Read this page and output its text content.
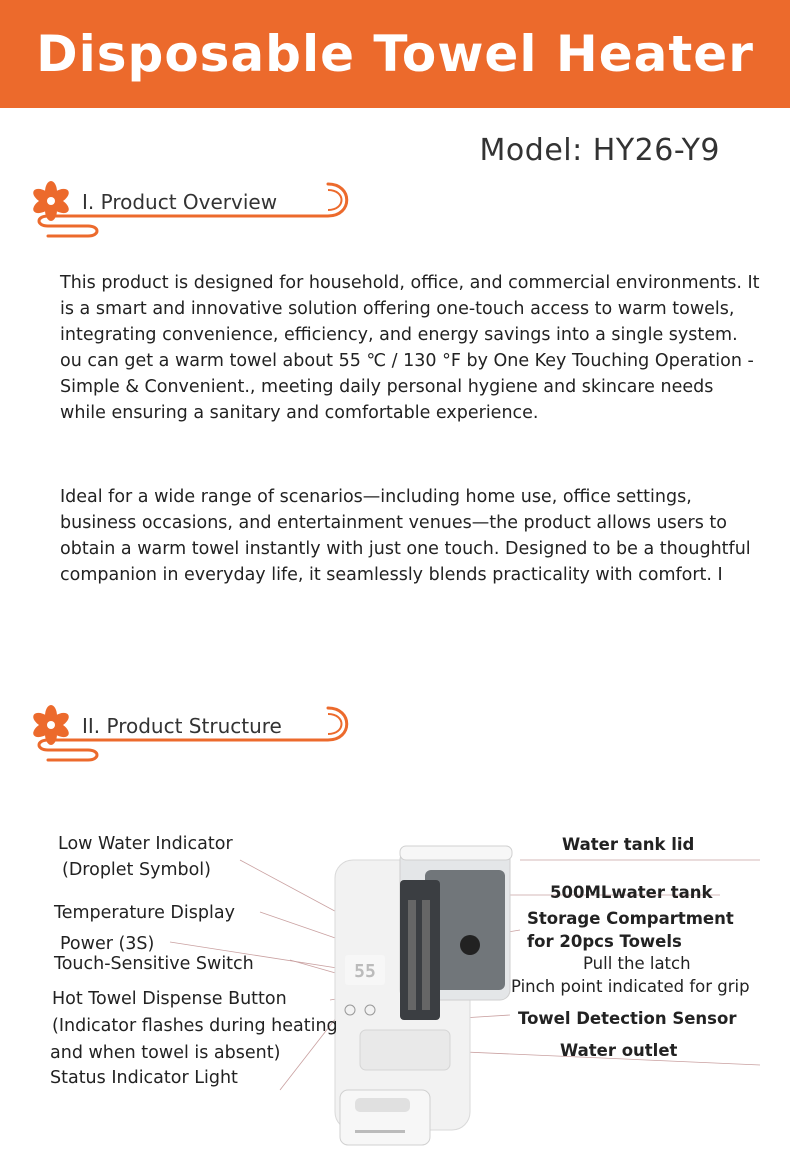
Disposable Towel Heater
Model: HY26-Y9
I. Product Overview

This product is designed for household, office, and commercial environments. It is a smart and innovative solution offering one-touch access to warm towels, integrating convenience, efficiency, and energy savings into a single system. ou can get a warm towel about 55 ℃ / 130 °F by One Key Touching Operation - Simple & Convenient., meeting daily personal hygiene and skincare needs while ensuring a sanitary and comfortable experience.

Ideal for a wide range of scenarios—including home use, office settings, business occasions, and entertainment venues—the product allows users to obtain a warm towel instantly with just one touch. Designed to be a thoughtful companion in everyday life, it seamlessly blends practicality with comfort. I

II. Product Structure
55
Low Water Indicator
(Droplet Symbol)
Temperature Display
Power (3S)
Touch-Sensitive Switch
Hot Towel Dispense Button
(Indicator flashes during heating
and when towel is absent)
Status Indicator Light
Water tank lid
500MLwater tank
Storage Compartment
for 20pcs Towels
Pull the latch
Pinch point indicated for grip
Towel Detection Sensor
Water outlet
